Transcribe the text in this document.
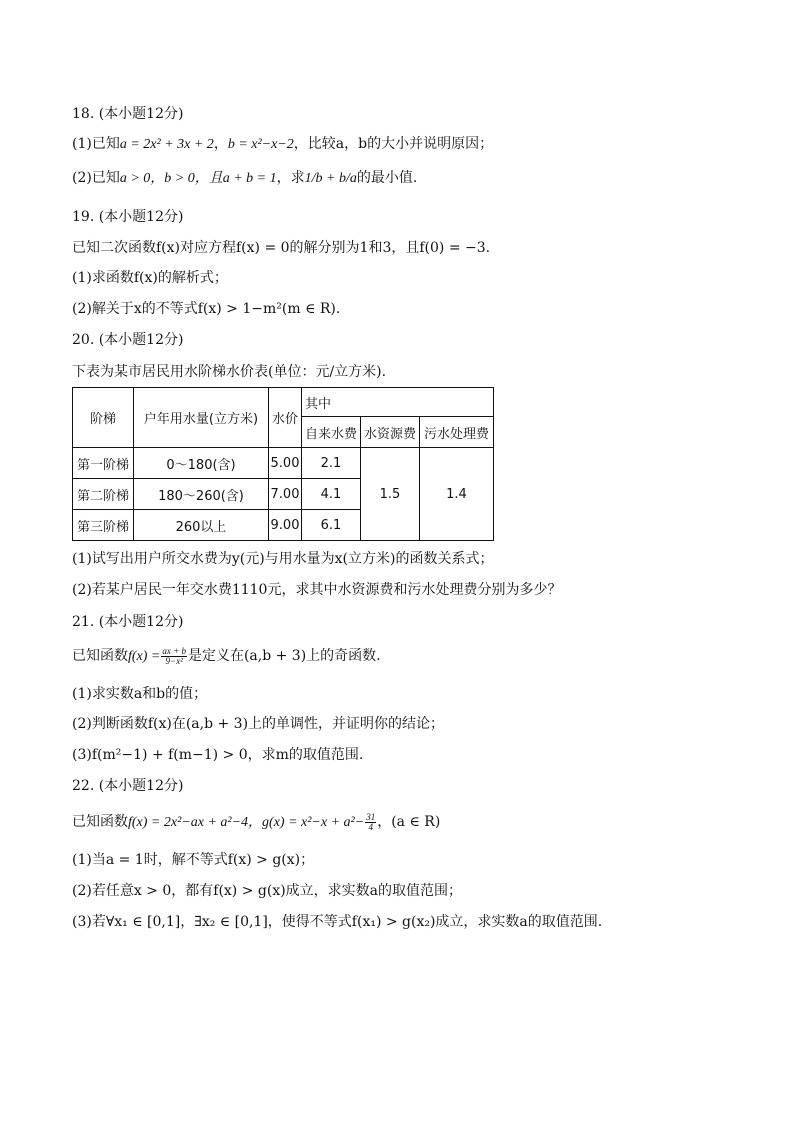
18. (本小题12分)
(1)已知a = 2x² + 3x + 2，b = x²−x−2，比较a，b的大小并说明原因；
(2)已知a > 0，b > 0，且a + b = 1，求1/b + b/a的最小值.
19. (本小题12分)
已知二次函数f(x)对应方程f(x) = 0的解分别为1和3，且f(0) = −3.
(1)求函数f(x)的解析式；
(2)解关于x的不等式f(x) > 1−m²(m ∈ R).
20. (本小题12分)
下表为某市居民用水阶梯水价表(单位：元/立方米).
阶梯	户年用水量(立方米)	水价	其中		
			自来水费	水资源费	污水处理费
第一阶梯	0～180(含)	5.00	2.1	1.5	1.4
第二阶梯	180～260(含)	7.00	4.1		
第三阶梯	260以上	9.00	6.1		
(1)试写出用户所交水费为y(元)与用水量为x(立方米)的函数关系式；
(2)若某户居民一年交水费1110元，求其中水资源费和污水处理费分别为多少？
21. (本小题12分)
已知函数$f(x) = \frac{ax + b}{\text{9−x²}}$ 是定义在(a,b + 3)上的奇函数.
(1)求实数a和b的值；
(2)判断函数f(x)在(a,b + 3)上的单调性，并证明你的结论；
(3)f(m²−1) + f(m−1) > 0，求m的取值范围.
22. (本小题12分)
已知函数f(x) = 2x²−ax + a²−4，$g(x) = x^2-x + a^2- \frac{31}{4}$ ，(a ∈ R)
(1)当a = 1时，解不等式f(x) > g(x)；
(2)若任意x > 0，都有f(x) > g(x)成立，求实数a的取值范围；
(3)若∀x₁ ∈ [0,1]，∃x₂ ∈ [0,1]，使得不等式f(x₁) > g(x₂)成立，求实数a的取值范围.
